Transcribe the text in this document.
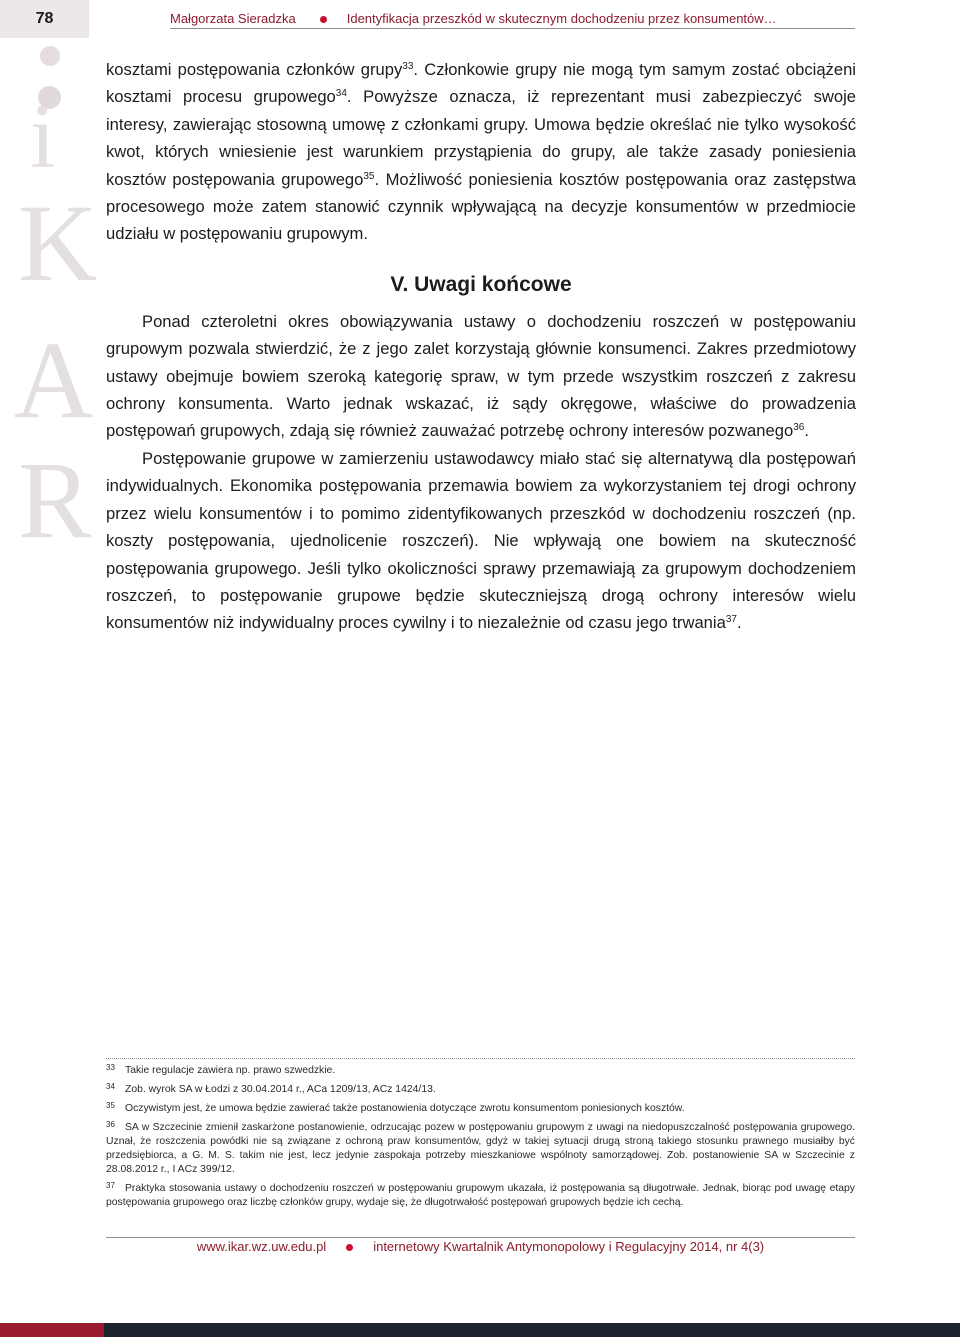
78	Małgorzata Sieradzka	Identyfikacja przeszkód w skutecznym dochodzeniu przez konsumentów…
i
K
A
R

kosztami postępowania członków grupy$^{33}$. Członkowie grupy nie mogą tym samym zostać obciążeni kosztami procesu grupowego$^{34}$. Powyższe oznacza, iż reprezentant musi zabezpieczyć swoje interesy, zawierając stosowną umowę z członkami grupy. Umowa będzie określać nie tylko wysokość kwot, których wniesienie jest warunkiem przystąpienia do grupy, ale także zasady poniesienia kosztów postępowania grupowego$^{35}$. Możliwość poniesienia kosztów postępowania oraz zastępstwa procesowego może zatem stanowić czynnik wpływającą na decyzje konsumentów w przedmiocie udziału w postępowaniu grupowym.

V. Uwagi końcowe

Ponad czteroletni okres obowiązywania ustawy o dochodzeniu roszczeń w postępowaniu grupowym pozwala stwierdzić, że z jego zalet korzystają głównie konsumenci. Zakres przedmiotowy ustawy obejmuje bowiem szeroką kategorię spraw, w tym przede wszystkim roszczeń z zakresu ochrony konsumenta. Warto jednak wskazać, iż sądy okręgowe, właściwe do prowadzenia postępowań grupowych, zdają się również zauważać potrzebę ochrony interesów pozwanego$^{36}$.

Postępowanie grupowe w zamierzeniu ustawodawcy miało stać się alternatywą dla postępowań indywidualnych. Ekonomika postępowania przemawia bowiem za wykorzystaniem tej drogi ochrony przez wielu konsumentów i to pomimo zidentyfikowanych przeszkód w dochodzeniu roszczeń (np. koszty postępowania, ujednolicenie roszczeń). Nie wpływają one bowiem na skuteczność postępowania grupowego. Jeśli tylko okoliczności sprawy przemawiają za grupowym dochodzeniem roszczeń, to postępowanie grupowe będzie skuteczniejszą drogą ochrony interesów wielu konsumentów niż indywidualny proces cywilny i to niezależnie od czasu jego trwania$^{37}$.

33 Takie regulacje zawiera np. prawo szwedzkie.
34 Zob. wyrok SA w Łodzi z 30.04.2014 r., ACa 1209/13, ACz 1424/13.
35 Oczywistym jest, że umowa będzie zawierać także postanowienia dotyczące zwrotu konsumentom poniesionych kosztów.
36 SA w Szczecinie zmienił zaskarżone postanowienie, odrzucając pozew w postępowaniu grupowym z uwagi na niedopuszczalność postępowania grupowego. Uznał, że roszczenia powódki nie są związane z ochroną praw konsumentów, gdyż w takiej sytuacji drugą stroną takiego stosunku prawnego musiałby być przedsiębiorca, a G. M. S. takim nie jest, lecz jedynie zaspokaja potrzeby mieszkaniowe wspólnoty samorządowej. Zob. postanowienie SA w Szczecinie z 28.08.2012 r., I ACz 399/12.
37 Praktyka stosowania ustawy o dochodzeniu roszczeń w postępowaniu grupowym ukazała, iż postępowania są długotrwałe. Jednak, biorąc pod uwagę etapy postępowania grupowego oraz liczbę członków grupy, wydaje się, że długotrwałość postępowań grupowych będzie ich cechą.
www.ikar.wz.uw.edu.pl	internetowy Kwartalnik Antymonopolowy i Regulacyjny 2014, nr 4(3)
